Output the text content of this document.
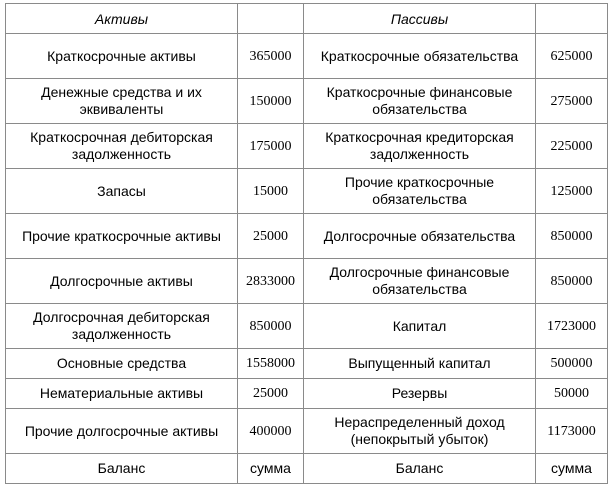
Активы		Пассивы	
Краткосрочные активы	365000	Краткосрочные обязательства	625000
Денежные средства и их эквиваленты	150000	Краткосрочные финансовые обязательства	275000
Краткосрочная дебиторская задолженность	175000	Краткосрочная кредиторская задолженность	225000
Запасы	15000	Прочие краткосрочные обязательства	125000
Прочие краткосрочные активы	25000	Долгосрочные обязательства	850000
Долгосрочные активы	2833000	Долгосрочные финансовые обязательства	850000
Долгосрочная дебиторская задолженность	850000	Капитал	1723000
Основные средства	1558000	Выпущенный капитал	500000
Нематериальные активы	25000	Резервы	50000
Прочие долгосрочные активы	400000	Нераспределенный доход (непокрытый убыток)	1173000
Баланс	сумма	Баланс	сумма
